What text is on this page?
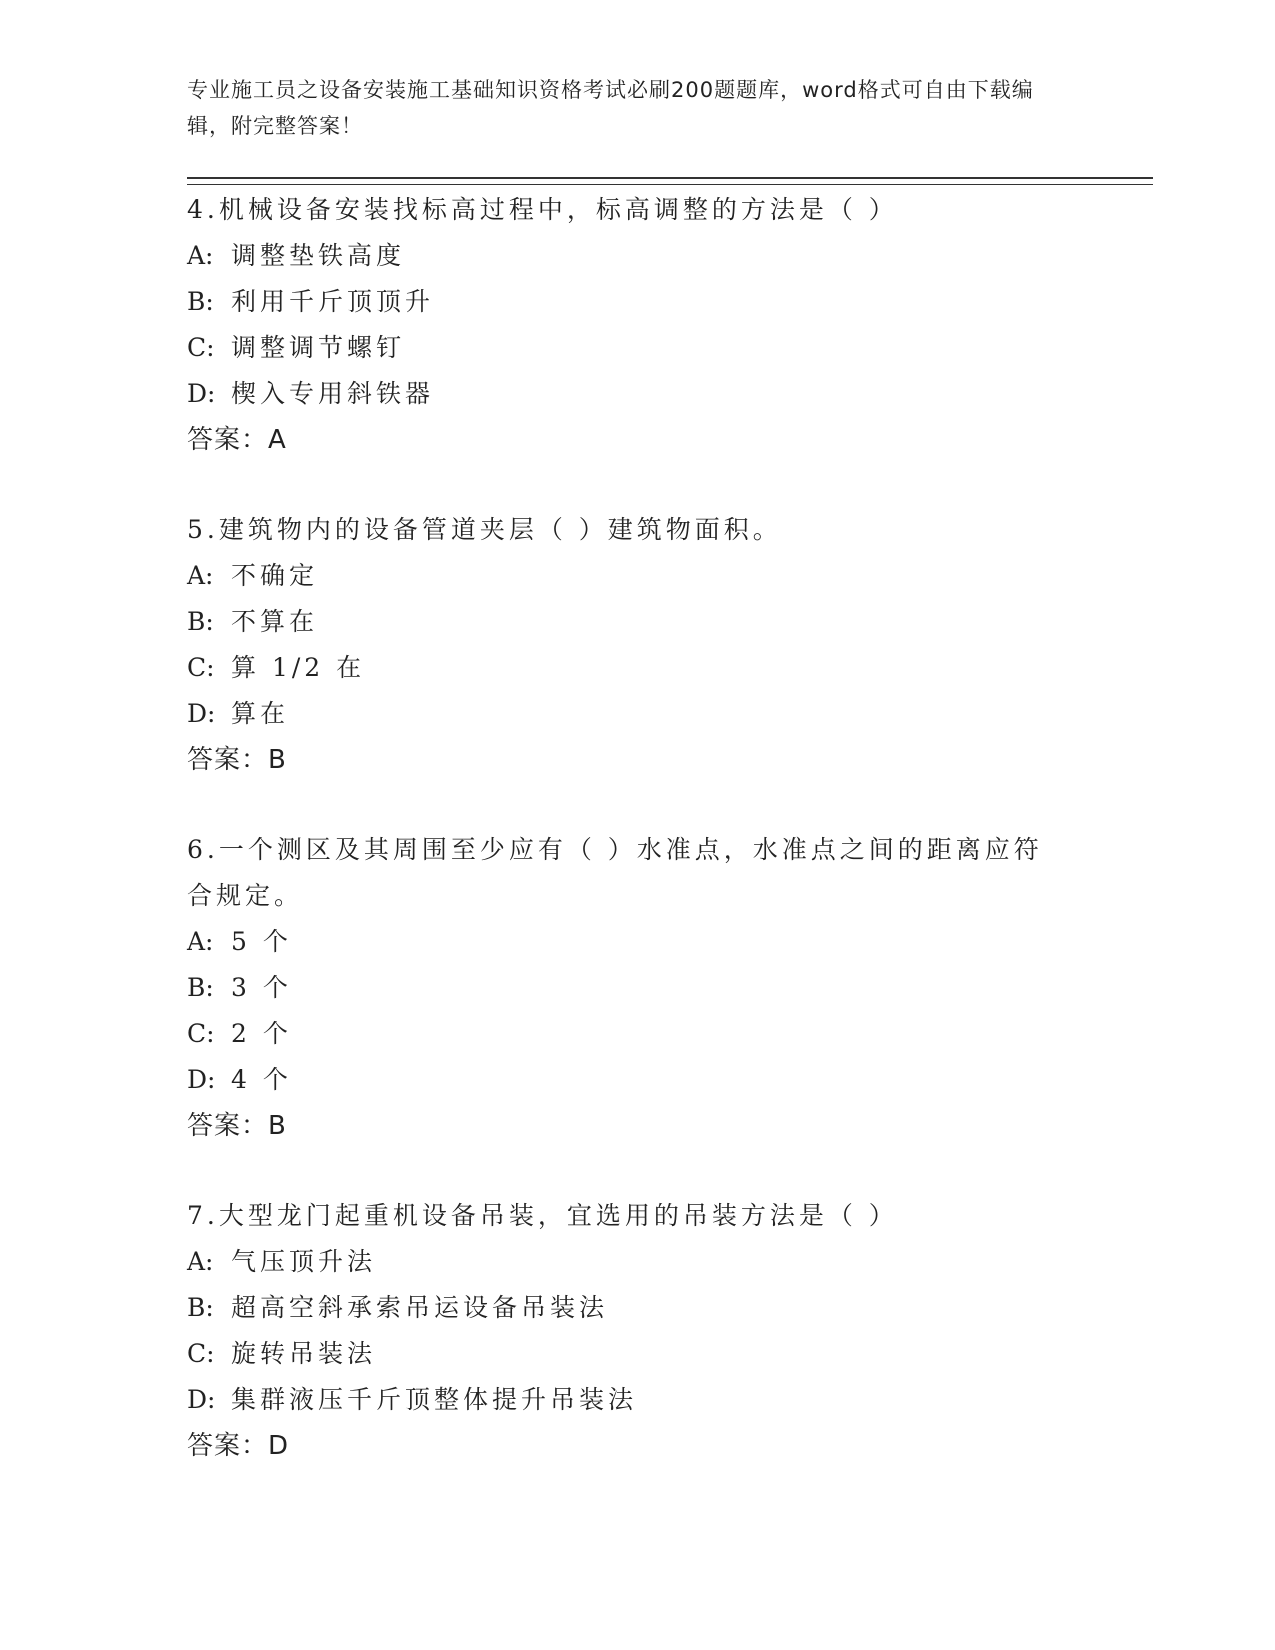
专业施工员之设备安装施工基础知识资格考试必刷200题题库，word格式可自由下载编辑，附完整答案！
4.机械设备安装找标高过程中，标高调整的方法是（ ）
A: 调整垫铁高度
B: 利用千斤顶顶升
C: 调整调节螺钉
D: 楔入专用斜铁器
答案：A
5.建筑物内的设备管道夹层（ ）建筑物面积。
A: 不确定
B: 不算在
C: 算 1/2 在
D: 算在
答案：B
6.一个测区及其周围至少应有（ ）水准点，水准点之间的距离应符合规定。
A: 5 个
B: 3 个
C: 2 个
D: 4 个
答案：B
7.大型龙门起重机设备吊装，宜选用的吊装方法是（ ）
A: 气压顶升法
B: 超高空斜承索吊运设备吊装法
C: 旋转吊装法
D: 集群液压千斤顶整体提升吊装法
答案：D
